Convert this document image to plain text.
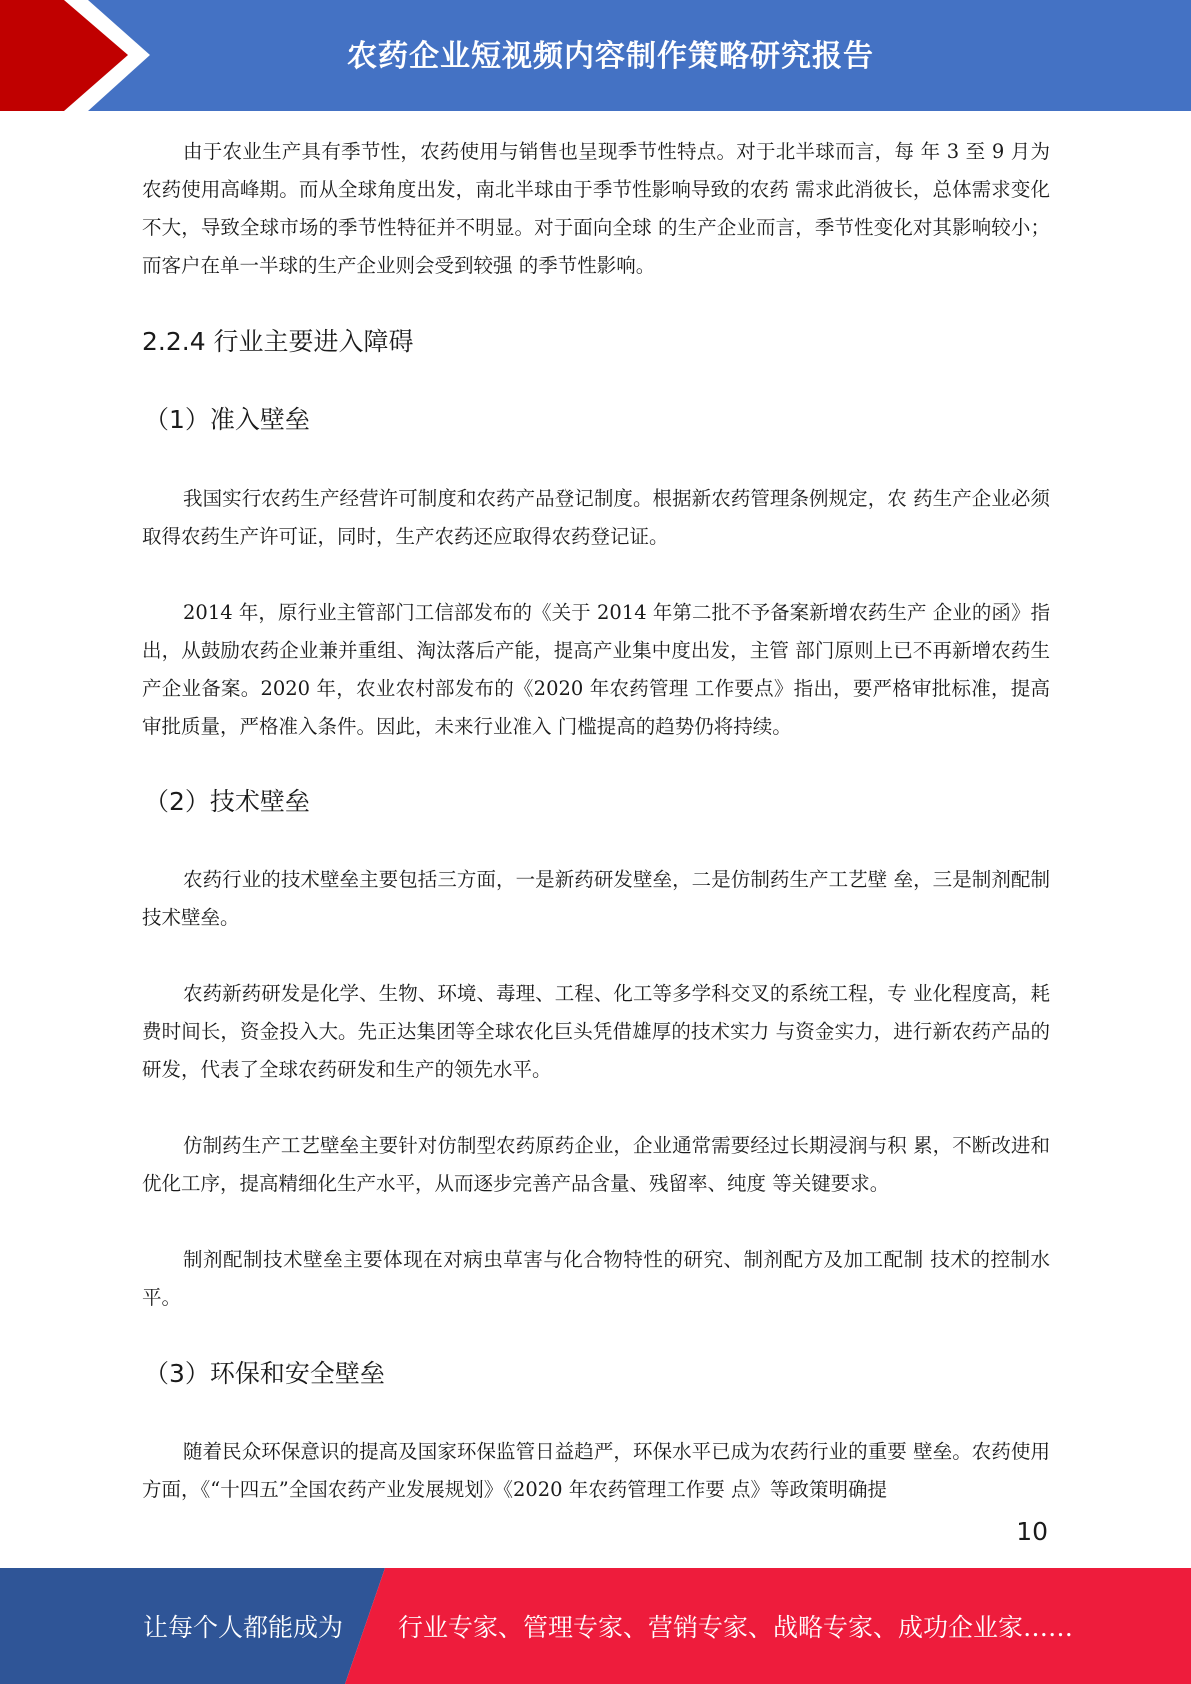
农药企业短视频内容制作策略研究报告

由于农业生产具有季节性，农药使用与销售也呈现季节性特点。对于北半球而言，每 年 3 至 9 月为农药使用高峰期。而从全球角度出发，南北半球由于季节性影响导致的农药 需求此消彼长，总体需求变化不大，导致全球市场的季节性特征并不明显。对于面向全球 的生产企业而言，季节性变化对其影响较小；而客户在单一半球的生产企业则会受到较强 的季节性影响。

2.2.4 行业主要进入障碍
（1）准入壁垒

我国实行农药生产经营许可制度和农药产品登记制度。根据新农药管理条例规定，农 药生产企业必须取得农药生产许可证，同时，生产农药还应取得农药登记证。

2014 年，原行业主管部门工信部发布的《关于 2014 年第二批不予备案新增农药生产 企业的函》指出，从鼓励农药企业兼并重组、淘汰落后产能，提高产业集中度出发，主管 部门原则上已不再新增农药生产企业备案。2020 年，农业农村部发布的《2020 年农药管理 工作要点》指出，要严格审批标准，提高审批质量，严格准入条件。因此，未来行业准入 门槛提高的趋势仍将持续。

（2）技术壁垒

农药行业的技术壁垒主要包括三方面，一是新药研发壁垒，二是仿制药生产工艺壁 垒，三是制剂配制技术壁垒。

农药新药研发是化学、生物、环境、毒理、工程、化工等多学科交叉的系统工程，专 业化程度高，耗费时间长，资金投入大。先正达集团等全球农化巨头凭借雄厚的技术实力 与资金实力，进行新农药产品的研发，代表了全球农药研发和生产的领先水平。

仿制药生产工艺壁垒主要针对仿制型农药原药企业，企业通常需要经过长期浸润与积 累，不断改进和优化工序，提高精细化生产水平，从而逐步完善产品含量、残留率、纯度 等关键要求。

制剂配制技术壁垒主要体现在对病虫草害与化合物特性的研究、制剂配方及加工配制 技术的控制水平。

（3）环保和安全壁垒

随着民众环保意识的提高及国家环保监管日益趋严，环保水平已成为农药行业的重要 壁垒。农药使用方面，《“十四五”全国农药产业发展规划》《2020 年农药管理工作要 点》等政策明确提

10
让每个人都能成为 行业专家、管理专家、营销专家、战略专家、成功企业家……
